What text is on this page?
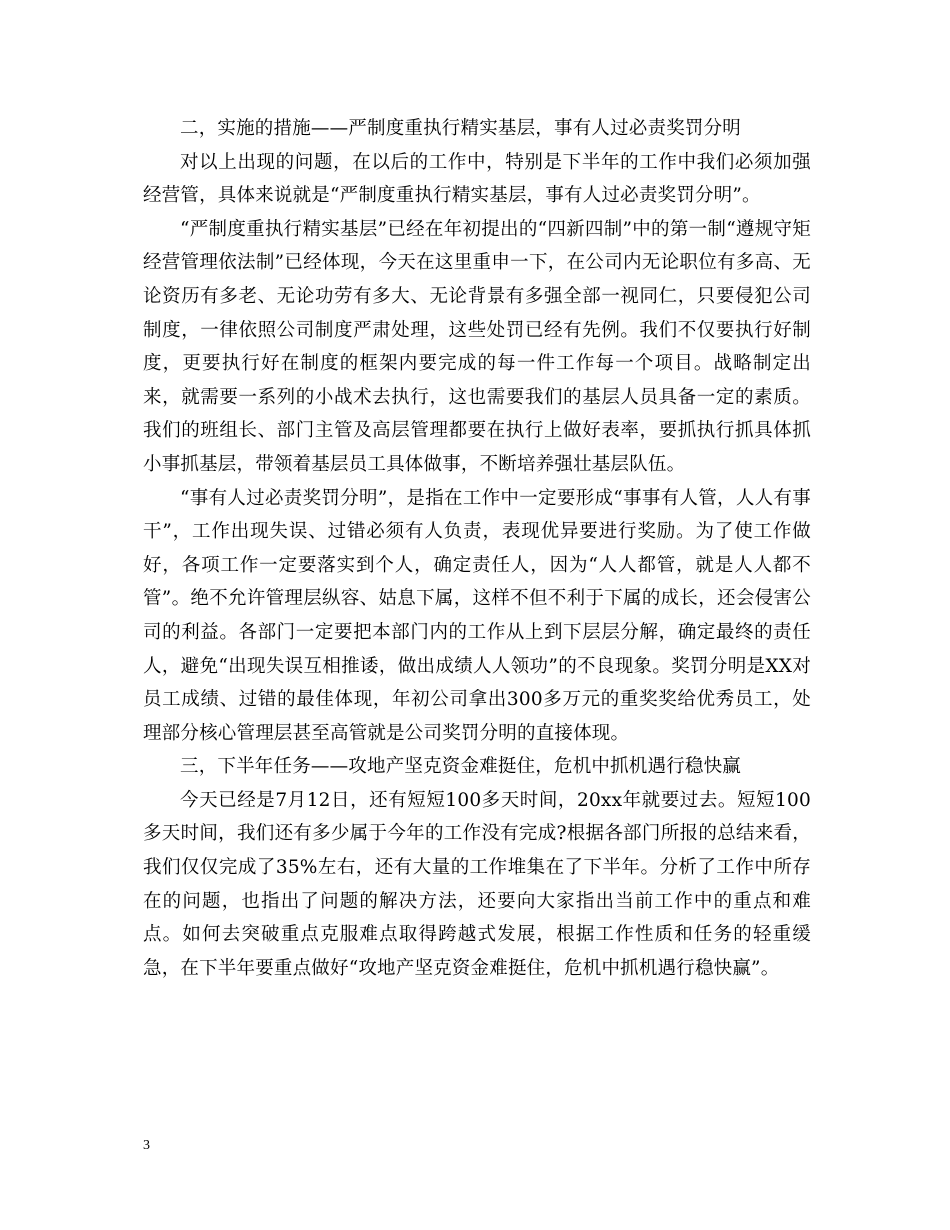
二，实施的措施——严制度重执行精实基层，事有人过必责奖罚分明

对以上出现的问题，在以后的工作中，特别是下半年的工作中我们必须加强经营管，具体来说就是“严制度重执行精实基层，事有人过必责奖罚分明”。

“严制度重执行精实基层”已经在年初提出的“四新四制”中的第一制“遵规守矩经营管理依法制”已经体现，今天在这里重申一下，在公司内无论职位有多高、无论资历有多老、无论功劳有多大、无论背景有多强全部一视同仁，只要侵犯公司制度，一律依照公司制度严肃处理，这些处罚已经有先例。我们不仅要执行好制度，更要执行好在制度的框架内要完成的每一件工作每一个项目。战略制定出来，就需要一系列的小战术去执行，这也需要我们的基层人员具备一定的素质。我们的班组长、部门主管及高层管理都要在执行上做好表率，要抓执行抓具体抓小事抓基层，带领着基层员工具体做事，不断培养强壮基层队伍。

“事有人过必责奖罚分明”，是指在工作中一定要形成“事事有人管，人人有事干”，工作出现失误、过错必须有人负责，表现优异要进行奖励。为了使工作做好，各项工作一定要落实到个人，确定责任人，因为“人人都管，就是人人都不管”。绝不允许管理层纵容、姑息下属，这样不但不利于下属的成长，还会侵害公司的利益。各部门一定要把本部门内的工作从上到下层层分解，确定最终的责任人，避免“出现失误互相推诿，做出成绩人人领功”的不良现象。奖罚分明是XX对员工成绩、过错的最佳体现，年初公司拿出300多万元的重奖奖给优秀员工，处理部分核心管理层甚至高管就是公司奖罚分明的直接体现。

三，下半年任务——攻地产坚克资金难挺住，危机中抓机遇行稳快赢

今天已经是7月12日，还有短短100多天时间，20xx年就要过去。短短100多天时间，我们还有多少属于今年的工作没有完成?根据各部门所报的总结来看，我们仅仅完成了35%左右，还有大量的工作堆集在了下半年。分析了工作中所存在的问题，也指出了问题的解决方法，还要向大家指出当前工作中的重点和难点。如何去突破重点克服难点取得跨越式发展，根据工作性质和任务的轻重缓急，在下半年要重点做好“攻地产坚克资金难挺住，危机中抓机遇行稳快赢”。

3
